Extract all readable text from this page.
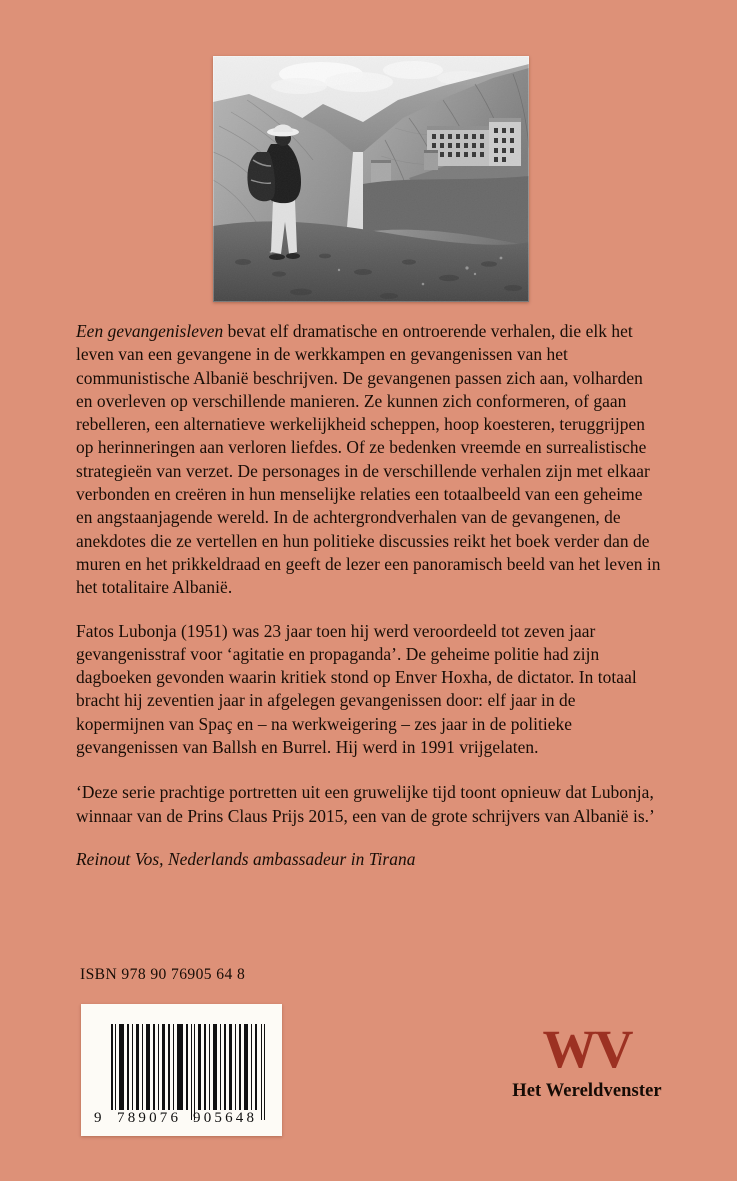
Een gevangenisleven bevat elf dramatische en ontroerende verhalen, die elk het leven van een gevangene in de werkkampen en gevangenissen van het communistische Albanië beschrijven. De gevangenen passen zich aan, volharden en overleven op verschillende manieren. Ze kunnen zich conformeren, of gaan rebelleren, een alternatieve werkelijkheid scheppen, hoop koesteren, teruggrijpen op herinneringen aan verloren liefdes. Of ze bedenken vreemde en surrealistische strategieën van verzet. De personages in de verschillende verhalen zijn met elkaar verbonden en creëren in hun menselijke relaties een totaalbeeld van een geheime en angstaanjagende wereld. In de achtergrondverhalen van de gevangenen, de anekdotes die ze vertellen en hun politieke discussies reikt het boek verder dan de muren en het prikkeldraad en geeft de lezer een panoramisch beeld van het leven in het totalitaire Albanië.

Fatos Lubonja (1951) was 23 jaar toen hij werd veroordeeld tot zeven jaar gevangenisstraf voor ‘agitatie en propaganda’. De geheime politie had zijn dagboeken gevonden waarin kritiek stond op Enver Hoxha, de dictator. In totaal bracht hij zeventien jaar in afgelegen gevangenissen door: elf jaar in de kopermijnen van Spaç en – na werkweigering – zes jaar in de politieke gevangenissen van Ballsh en Burrel. Hij werd in 1991 vrijgelaten.

‘Deze serie prachtige portretten uit een gruwelijke tijd toont opnieuw dat Lubonja, winnaar van de Prins Claus Prijs 2015, een van de grote schrijvers van Albanië is.’

Reinout Vos, Nederlands ambassadeur in Tirana

ISBN 978 90 76905 64 8
9 789076 905648
WV
Het Wereldvenster
